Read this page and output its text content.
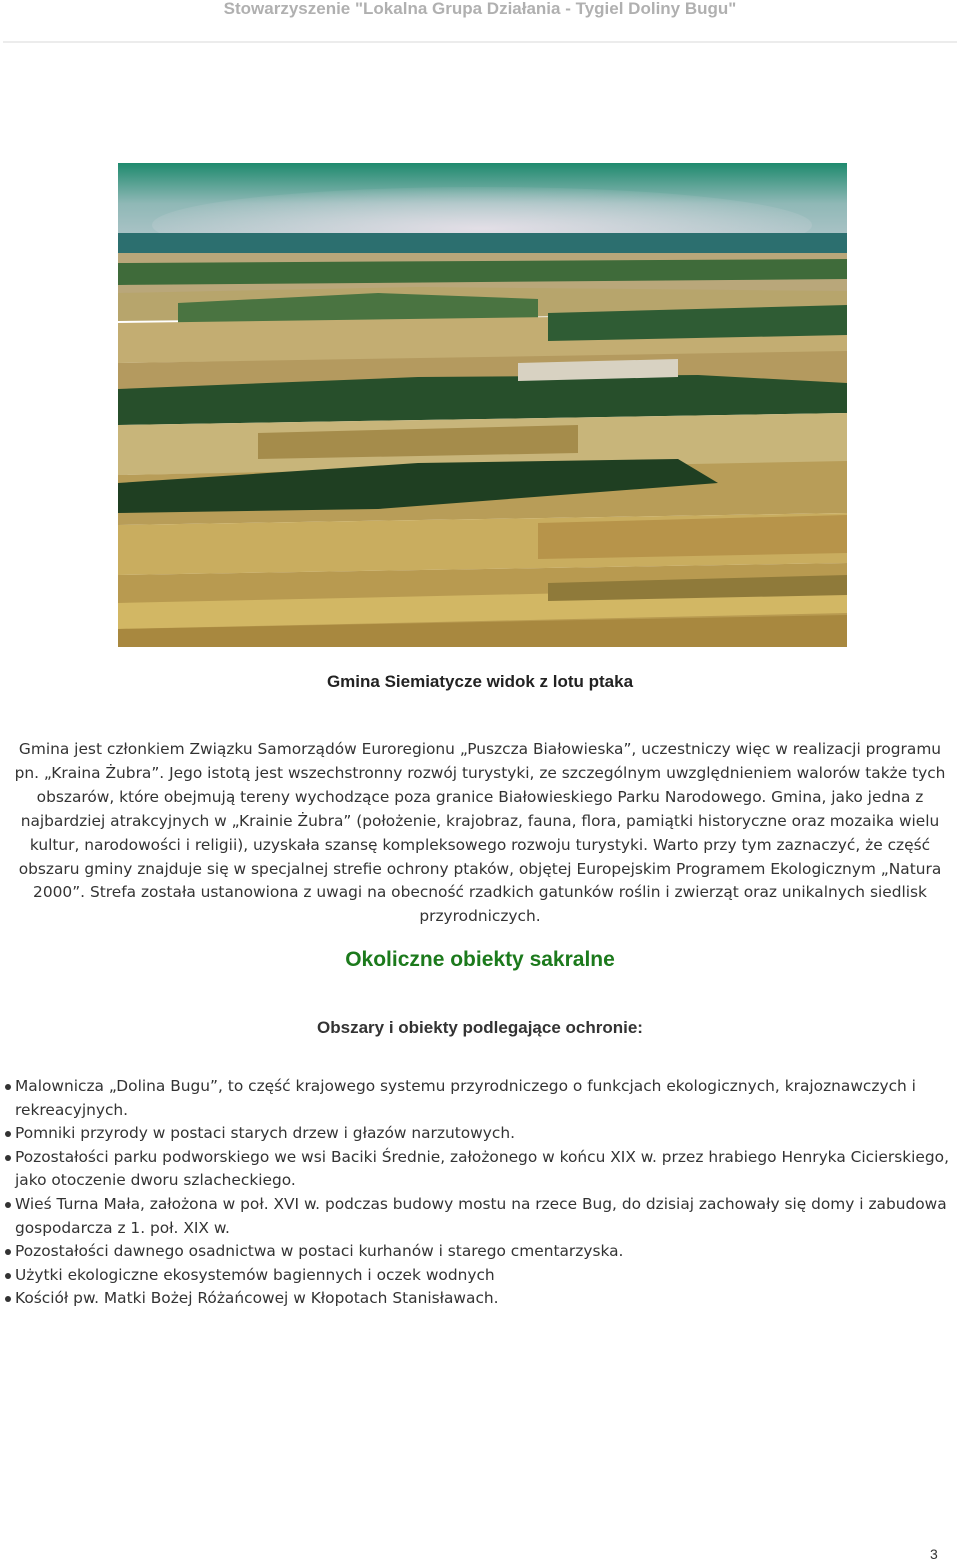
Stowarzyszenie "Lokalna Grupa Działania - Tygiel Doliny Bugu"
Gmina Siemiatycze widok z lotu ptaka

Gmina jest członkiem Związku Samorządów Euroregionu „Puszcza Białowieska”, uczestniczy więc w realizacji programu pn. „Kraina Żubra”. Jego istotą jest wszechstronny rozwój turystyki, ze szczególnym uwzględnieniem walorów także tych obszarów, które obejmują tereny wychodzące poza granice Białowieskiego Parku Narodowego. Gmina, jako jedna z najbardziej atrakcyjnych w „Krainie Żubra” (położenie, krajobraz, fauna, flora, pamiątki historyczne oraz mozaika wielu kultur, narodowości i religii), uzyskała szansę kompleksowego rozwoju turystyki. Warto przy tym zaznaczyć, że część obszaru gminy znajduje się w specjalnej strefie ochrony ptaków, objętej Europejskim Programem Ekologicznym „Natura 2000”. Strefa została ustanowiona z uwagi na obecność rzadkich gatunków roślin i zwierząt oraz unikalnych siedlisk przyrodniczych.

Okoliczne obiekty sakralne
Obszary i obiekty podlegające ochronie:
Malownicza „Dolina Bugu”, to część krajowego systemu przyrodniczego o funkcjach ekologicznych, krajoznawczych i rekreacyjnych.
Pomniki przyrody w postaci starych drzew i głazów narzutowych.
Pozostałości parku podworskiego we wsi Baciki Średnie, założonego w końcu XIX w. przez hrabiego Henryka Cicierskiego, jako otoczenie dworu szlacheckiego.
Wieś Turna Mała, założona w poł. XVI w. podczas budowy mostu na rzece Bug, do dzisiaj zachowały się domy i zabudowa gospodarcza z 1. poł. XIX w.
Pozostałości dawnego osadnictwa w postaci kurhanów i starego cmentarzyska.
Użytki ekologiczne ekosystemów bagiennych i oczek wodnych
Kościół pw. Matki Bożej Różańcowej w Kłopotach Stanisławach.
3
